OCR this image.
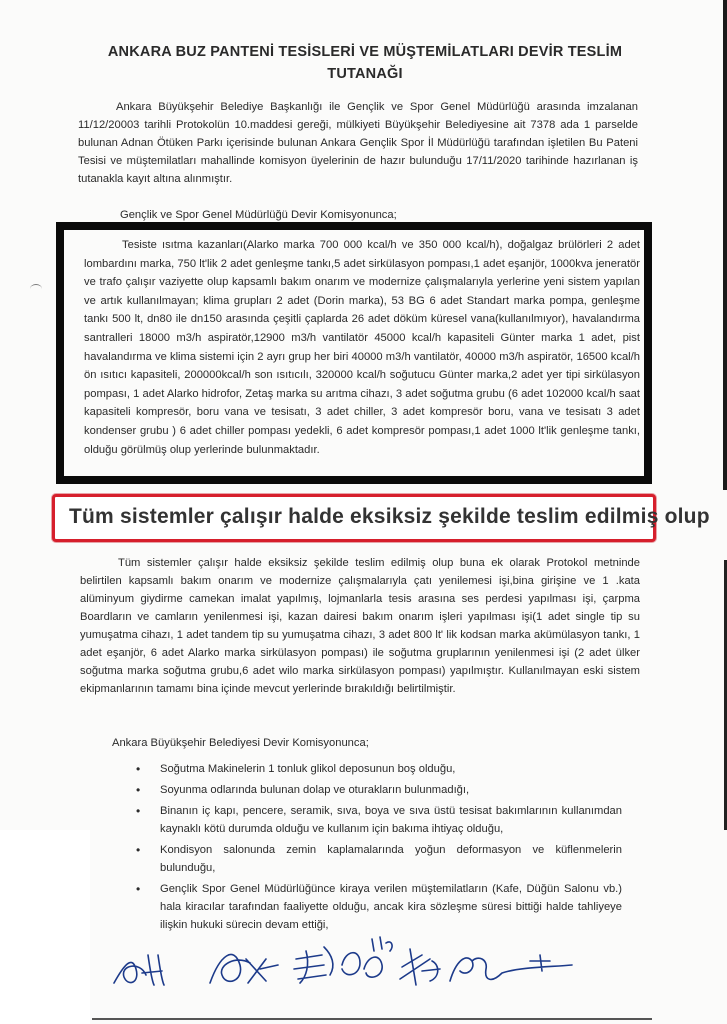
ANKARA BUZ PANTENİ TESİSLERİ VE MÜŞTEMİLATLARI DEVİR TESLİM
TUTANAĞI
Ankara Büyükşehir Belediye Başkanlığı ile Gençlik ve Spor Genel Müdürlüğü arasında imzalanan 11/12/20003 tarihli Protokolün 10.maddesi gereği, mülkiyeti Büyükşehir Belediyesine ait 7378 ada 1 parselde bulunan Adnan Ötüken Parkı içerisinde bulunan Ankara Gençlik Spor İl Müdürlüğü tarafından işletilen Bu Pateni Tesisi ve müştemilatları mahallinde komisyon üyelerinin de hazır bulunduğu 17/11/2020 tarihinde hazırlanan iş tutanakla kayıt altına alınmıştır.
Gençlik ve Spor Genel Müdürlüğü Devir Komisyonunca;
Tesiste ısıtma kazanları(Alarko marka 700 000 kcal/h ve 350 000 kcal/h), doğalgaz brülörleri 2 adet lombardını marka, 750 lt'lik 2 adet genleşme tankı,5 adet sirkülasyon pompası,1 adet eşanjör, 1000kva jeneratör ve trafo çalışır vaziyette olup kapsamlı bakım onarım ve modernize çalışmalarıyla yerlerine yeni sistem yapılan ve artık kullanılmayan; klima grupları 2 adet (Dorin marka), 53 BG 6 adet Standart marka pompa, genleşme tankı 500 lt, dn80 ile dn150 arasında çeşitli çaplarda 26 adet döküm küresel vana(kullanılmıyor), havalandırma santralleri 18000 m3/h aspiratör,12900 m3/h vantilatör 45000 kcal/h kapasiteli Günter marka 1 adet, pist havalandırma ve klima sistemi için 2 ayrı grup her biri 40000 m3/h vantilatör, 40000 m3/h aspiratör, 16500 kcal/h ön ısıtıcı kapasiteli, 200000kcal/h son ısıtıcılı, 320000 kcal/h soğutucu Günter marka,2 adet yer tipi sirkülasyon pompası, 1 adet Alarko hidrofor, Zetaş marka su arıtma cihazı, 3 adet soğutma grubu (6 adet 102000 kcal/h saat kapasiteli kompresör, boru vana ve tesisatı, 3 adet chiller, 3 adet kompresör boru, vana ve tesisatı 3 adet kondenser grubu ) 6 adet chiller pompası yedekli, 6 adet kompresör pompası,1 adet 1000 lt'lik genleşme tankı, olduğu görülmüş olup yerlerinde bulunmaktadır.
Tüm sistemler çalışır halde eksiksiz şekilde teslim edilmiş olup
Tüm sistemler çalışır halde eksiksiz şekilde teslim edilmiş olup buna ek olarak Protokol metninde belirtilen kapsamlı bakım onarım ve modernize çalışmalarıyla çatı yenilemesi işi,bina girişine ve 1 .kata alüminyum giydirme camekan imalat yapılmış, lojmanlarla tesis arasına ses perdesi yapılması işi, çarpma Boardların ve camların yenilenmesi işi, kazan dairesi bakım onarım işleri yapılması işi(1 adet single tip su yumuşatma cihazı, 1 adet tandem tip su yumuşatma cihazı, 3 adet 800 lt' lik kodsan marka akümülasyon tankı, 1 adet eşanjör, 6 adet Alarko marka sirkülasyon pompası) ile soğutma gruplarının yenilenmesi işi (2 adet ülker soğutma marka soğutma grubu,6 adet wilo marka sirkülasyon pompası) yapılmıştır. Kullanılmayan eski sistem ekipmanlarının tamamı bina içinde mevcut yerlerinde bırakıldığı belirtilmiştir.
Ankara Büyükşehir Belediyesi Devir Komisyonunca;
• Soğutma Makinelerin 1 tonluk glikol deposunun boş olduğu,
• Soyunma odlarında bulunan dolap ve oturakların bulunmadığı,
• Binanın iç kapı, pencere, seramik, sıva, boya ve sıva üstü tesisat bakımlarının kullanımdan kaynaklı kötü durumda olduğu ve kullanım için bakıma ihtiyaç olduğu,
• Kondisyon salonunda zemin kaplamalarında yoğun deformasyon ve küflenmelerin bulunduğu,
• Gençlik Spor Genel Müdürlüğünce kiraya verilen müştemilatların (Kafe, Düğün Salonu vb.) hala kiracılar tarafından faaliyette olduğu, ancak kira sözleşme süresi bittiği halde tahliyeye ilişkin hukuki sürecin devam ettiği,
